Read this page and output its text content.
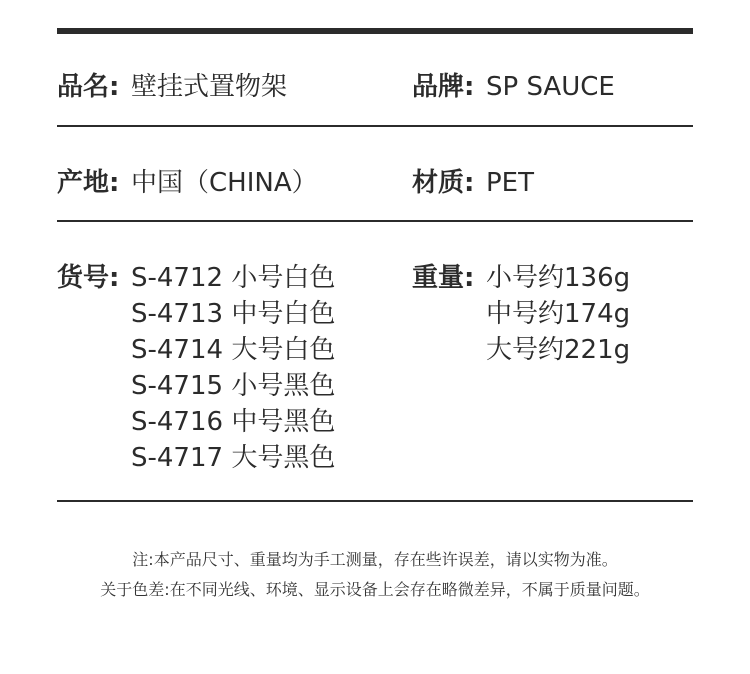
品名: 壁挂式置物架	品牌: SP SAUCE
产地: 中国（CHINA）	材质: PET
货号: S-4712 小号白色
S-4713 中号白色
S-4714 大号白色
S-4715 小号黑色
S-4716 中号黑色
S-4717 大号黑色
重量: 小号约136g
中号约174g
大号约221g
注:本产品尺寸、重量均为手工测量，存在些许误差，请以实物为准。
关于色差:在不同光线、环境、显示设备上会存在略微差异，不属于质量问题。
